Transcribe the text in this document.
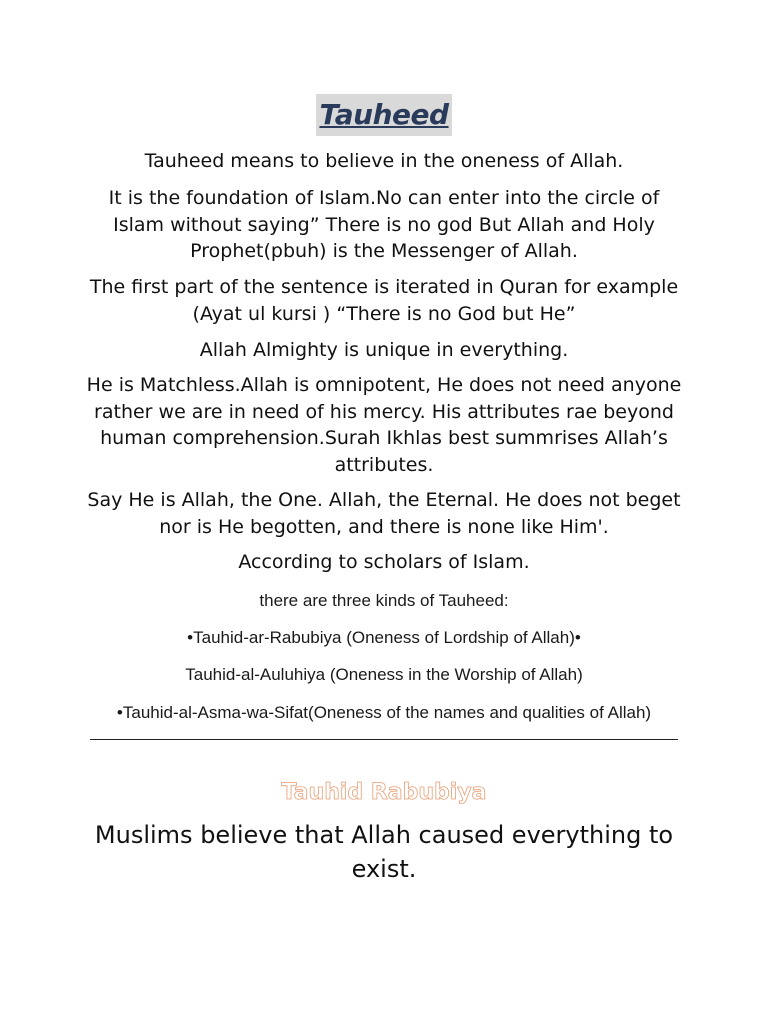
Tauheed

Tauheed means to believe in the oneness of Allah.

It is the foundation of Islam.No can enter into the circle of Islam without saying” There is no god But Allah and Holy Prophet(pbuh) is the Messenger of Allah.

The first part of the sentence is iterated in Quran for example (Ayat ul kursi ) “There is no God but He”

Allah Almighty is unique in everything.

He is Matchless.Allah is omnipotent, He does not need anyone rather we are in need of his mercy. His attributes rae beyond human comprehension.Surah Ikhlas best summrises Allah’s attributes.

Say He is Allah, the One. Allah, the Eternal. He does not beget nor is He begotten, and there is none like Him'.

According to scholars of Islam.

there are three kinds of Tauheed:

•Tauhid-ar-Rabubiya (Oneness of Lordship of Allah)•

Tauhid-al-Auluhiya (Oneness in the Worship of Allah)

•Tauhid-al-Asma-wa-Sifat(Oneness of the names and qualities of Allah)

Tauhid Rabubiya

Muslims believe that Allah caused everything to exist.
